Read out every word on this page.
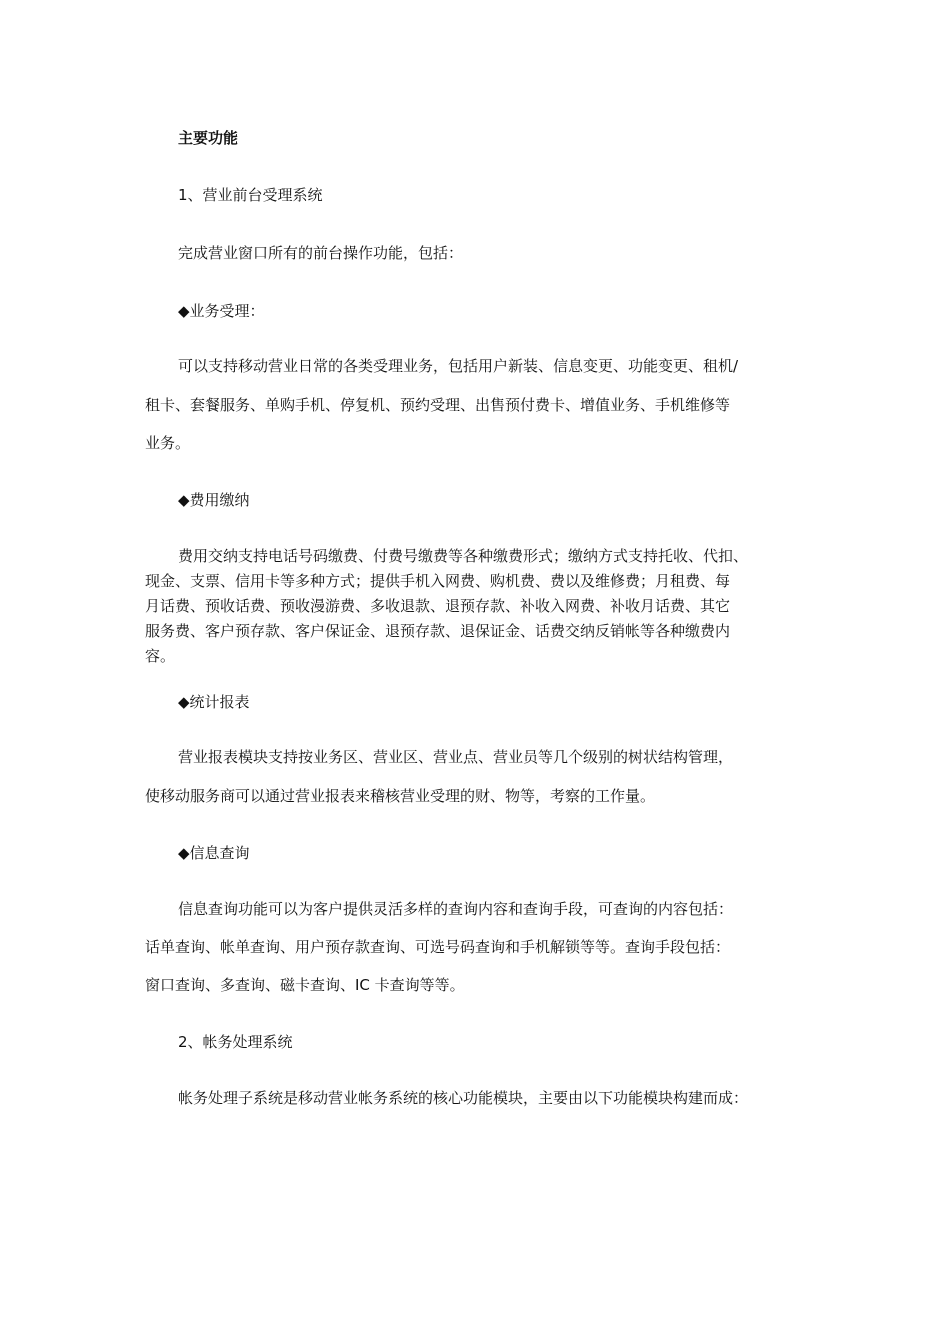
主要功能
1、营业前台受理系统
完成营业窗口所有的前台操作功能，包括：
◆业务受理：
可以支持移动营业日常的各类受理业务，包括用户新装、信息变更、功能变更、租机/
租卡、套餐服务、单购手机、停复机、预约受理、出售预付费卡、增值业务、手机维修等
业务。
◆费用缴纳
费用交纳支持电话号码缴费、付费号缴费等各种缴费形式；缴纳方式支持托收、代扣、
现金、支票、信用卡等多种方式；提供手机入网费、购机费、费以及维修费；月租费、每
月话费、预收话费、预收漫游费、多收退款、退预存款、补收入网费、补收月话费、其它
服务费、客户预存款、客户保证金、退预存款、退保证金、话费交纳反销帐等各种缴费内
容。
◆统计报表
营业报表模块支持按业务区、营业区、营业点、营业员等几个级别的树状结构管理，
使移动服务商可以通过营业报表来稽核营业受理的财、物等，考察的工作量。
◆信息查询
信息查询功能可以为客户提供灵活多样的查询内容和查询手段，可查询的内容包括：
话单查询、帐单查询、用户预存款查询、可选号码查询和手机解锁等等。查询手段包括：
窗口查询、多查询、磁卡查询、IC 卡查询等等。
2、帐务处理系统
帐务处理子系统是移动营业帐务系统的核心功能模块，主要由以下功能模块构建而成：
